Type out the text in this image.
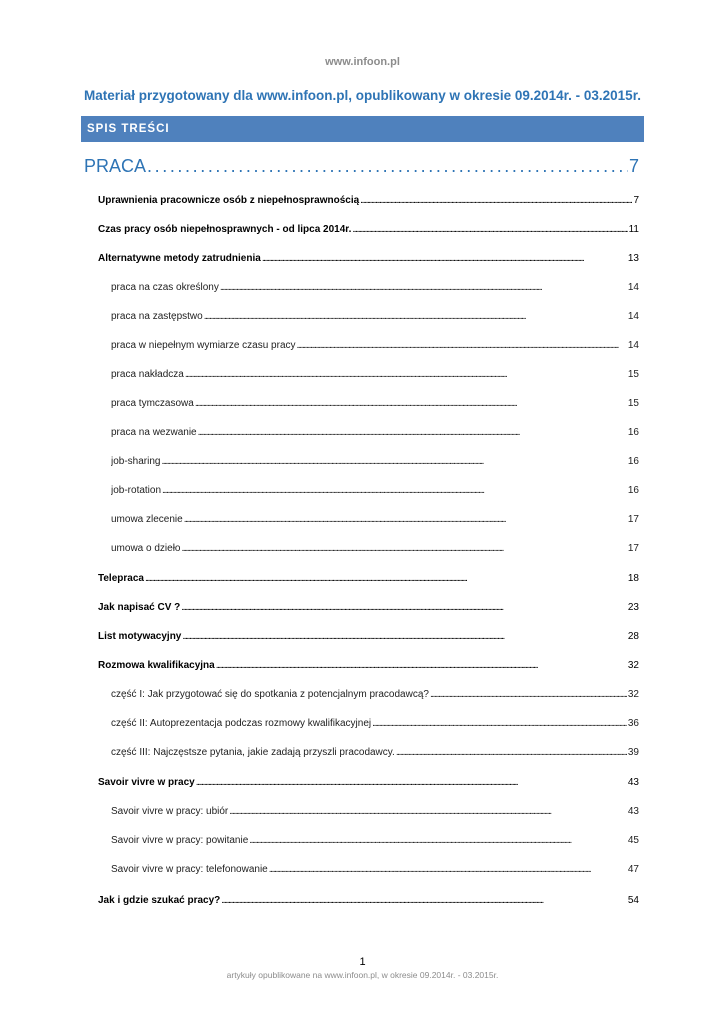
www.infoon.pl
Materiał przygotowany dla www.infoon.pl, opublikowany w okresie 09.2014r. - 03.2015r.
SPIS TREŚCI
PRACA . . .	7
Uprawnienia pracownicze osób z niepełnosprawnością . . .	7
Czas pracy osób niepełnosprawnych - od lipca 2014r. . . .	11
Alternatywne metody zatrudnienia . . .	13
praca na czas określony . . .	14
praca na zastępstwo . . .	14
praca w niepełnym wymiarze czasu pracy . . .	14
praca nakładcza . . .	15
praca tymczasowa . . .	15
praca na wezwanie . . .	16
job-sharing . . .	16
job-rotation . . .	16
umowa zlecenie . . .	17
umowa o dzieło . . .	17
Telepraca . . .	18
Jak napisać CV ? . . .	23
List motywacyjny . . .	28
Rozmowa kwalifikacyjna . . .	32
część I: Jak przygotować się do spotkania z potencjalnym pracodawcą? . . .	32
część II: Autoprezentacja podczas rozmowy kwalifikacyjnej . . .	36
część III: Najczęstsze pytania, jakie zadają przyszli pracodawcy. . . .	39
Savoir vivre w pracy . . .	43
Savoir vivre w pracy: ubiór . . .	43
Savoir vivre w pracy: powitanie . . .	45
Savoir vivre w pracy: telefonowanie . . .	47
Jak i gdzie szukać pracy? . . .	54
1
artykuły opublikowane na www.infoon.pl, w okresie 09.2014r. - 03.2015r.
